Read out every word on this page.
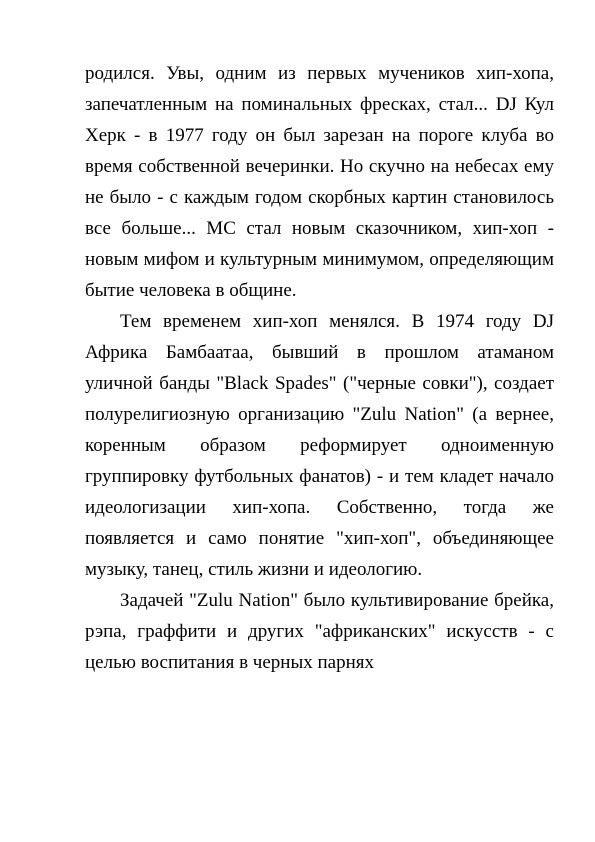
родился. Увы, одним из первых мучеников хип-хопа, запечатленным на поминальных фресках, стал... DJ Кул Херк - в 1977 году он был зарезан на пороге клуба во время собственной вечеринки. Но скучно на небесах ему не было - с каждым годом скорбных картин становилось все больше... MC стал новым сказочником, хип-хоп - новым мифом и культурным минимумом, определяющим бытие человека в общине.

Тем временем хип-хоп менялся. В 1974 году DJ Африка Бамбаатаа, бывший в прошлом атаманом уличной банды "Black Spades" ("черные совки"), создает полурелигиозную организацию "Zulu Nation" (а вернее, коренным образом реформирует одноименную группировку футбольных фанатов) - и тем кладет начало идеологизации хип-хопа. Собственно, тогда же появляется и само понятие "хип-хоп", объединяющее музыку, танец, стиль жизни и идеологию.

Задачей "Zulu Nation" было культивирование брейка, рэпа, граффити и других "африканских" искусств - с целью воспитания в черных парнях
